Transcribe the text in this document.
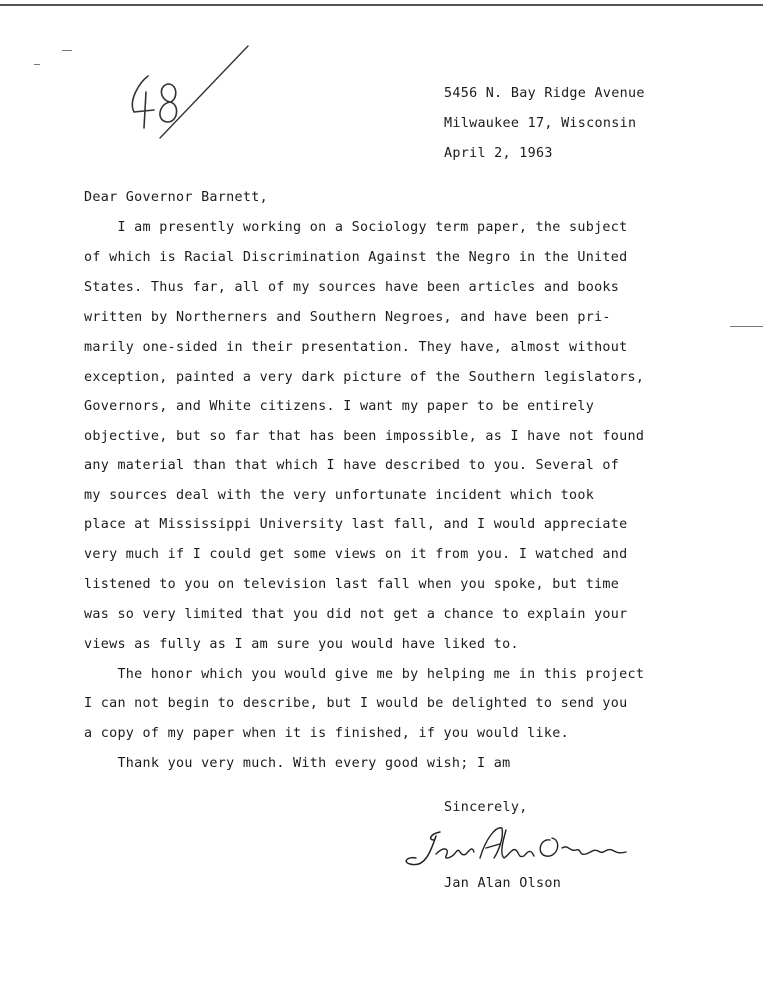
5456 N. Bay Ridge Avenue
Milwaukee 17, Wisconsin
April 2, 1963
Dear Governor Barnett,
I am presently working on a Sociology term paper, the subject
of which is Racial Discrimination Against the Negro in the United
States. Thus far, all of my sources have been articles and books
written by Northerners and Southern Negroes, and have been pri-
marily one-sided in their presentation. They have, almost without
exception, painted a very dark picture of the Southern legislators,
Governors, and White citizens. I want my paper to be entirely
objective, but so far that has been impossible, as I have not found
any material than that which I have described to you. Several of
my sources deal with the very unfortunate incident which took
place at Mississippi University last fall, and I would appreciate
very much if I could get some views on it from you. I watched and
listened to you on television last fall when you spoke, but time
was so very limited that you did not get a chance to explain your
views as fully as I am sure you would have liked to.
The honor which you would give me by helping me in this project
I can not begin to describe, but I would be delighted to send you
a copy of my paper when it is finished, if you would like.
Thank you very much. With every good wish; I am
Sincerely,
Jan Alan Olson
